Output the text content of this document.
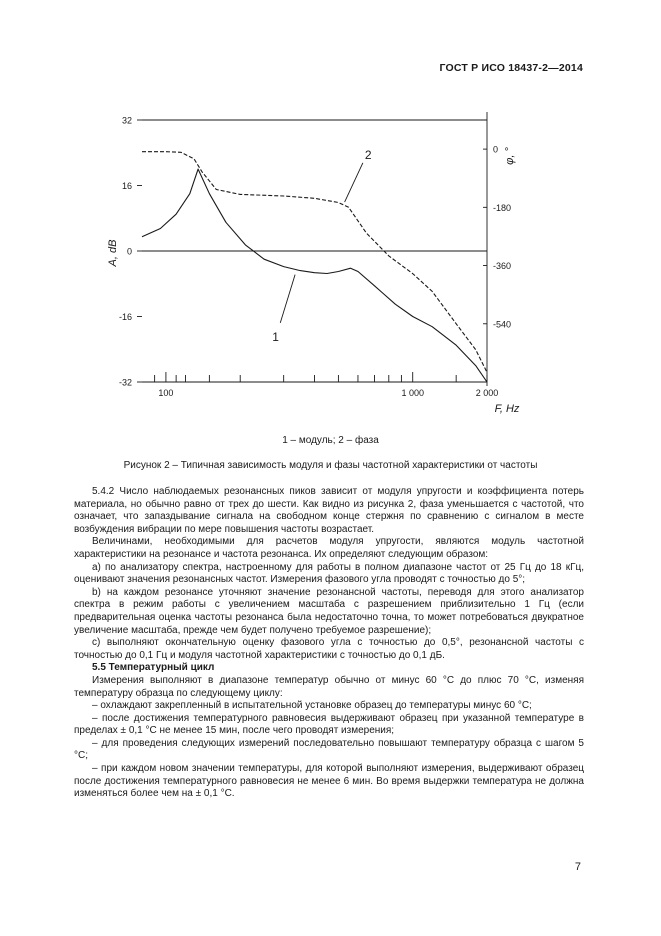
ГОСТ Р ИСО 18437-2—2014
32
16
0
-16
-32
0
-180
-360
-540
100	1 000	2 000
F, Hz
A, dB
φ, °
1
2
1 – модуль; 2 – фаза
Рисунок 2 – Типичная зависимость модуля и фазы частотной характеристики от частоты

5.4.2 Число наблюдаемых резонансных пиков зависит от модуля упругости и коэффициента потерь материала, но обычно равно от трех до шести. Как видно из рисунка 2, фаза уменьшается с частотой, что означает, что запаздывание сигнала на свободном конце стержня по сравнению с сигналом в месте возбуждения вибрации по мере повышения частоты возрастает.

Величинами, необходимыми для расчетов модуля упругости, являются модуль частотной характеристики на резонансе и частота резонанса. Их определяют следующим образом:

a) по анализатору спектра, настроенному для работы в полном диапазоне частот от 25 Гц до 18 кГц, оценивают значения резонансных частот. Измерения фазового угла проводят с точностью до 5°;

b) на каждом резонансе уточняют значение резонансной частоты, переводя для этого анализатор спектра в режим работы с увеличением масштаба с разрешением приблизительно 1 Гц (если предварительная оценка частоты резонанса была недостаточно точна, то может потребоваться двукратное увеличение масштаба, прежде чем будет получено требуемое разрешение);

c) выполняют окончательную оценку фазового угла с точностью до 0,5°, резонансной частоты с точностью до 0,1 Гц и модуля частотной характеристики с точностью до 0,1 дБ.

5.5 Температурный цикл

Измерения выполняют в диапазоне температур обычно от минус 60 °С до плюс 70 °С, изменяя температуру образца по следующему циклу:

– охлаждают закрепленный в испытательной установке образец до температуры минус 60 °С;

– после достижения температурного равновесия выдерживают образец при указанной температуре в пределах ± 0,1 °С не менее 15 мин, после чего проводят измерения;

– для проведения следующих измерений последовательно повышают температуру образца с шагом 5 °С;

– при каждом новом значении температуры, для которой выполняют измерения, выдерживают образец после достижения температурного равновесия не менее 6 мин. Во время выдержки температура не должна изменяться более чем на ± 0,1 °С.

7
